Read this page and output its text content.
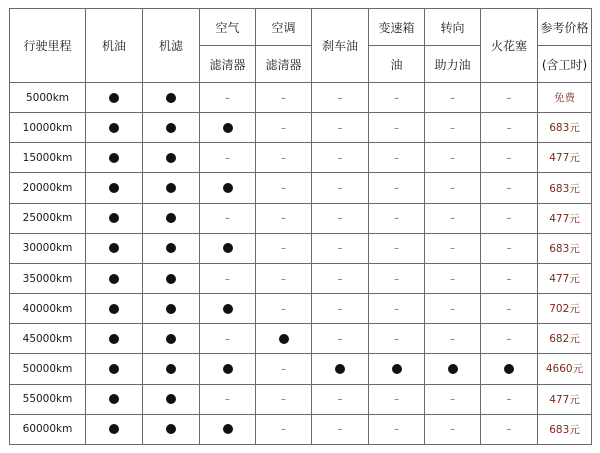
行驶里程	机油	机滤	空气	空调	刹车油	变速箱	转向	火花塞	参考价格
			滤清器	滤清器		油	助力油		(含工时)
5000km			–	–	–	–	–	–	免费
10000km				–	–	–	–	–	683元
15000km			–	–	–	–	–	–	477元
20000km				–	–	–	–	–	683元
25000km			–	–	–	–	–	–	477元
30000km				–	–	–	–	–	683元
35000km			–	–	–	–	–	–	477元
40000km				–	–	–	–	–	702元
45000km			–		–	–	–	–	682元
50000km				–					4660元
55000km			–	–	–	–	–	–	477元
60000km				–	–	–	–	–	683元
